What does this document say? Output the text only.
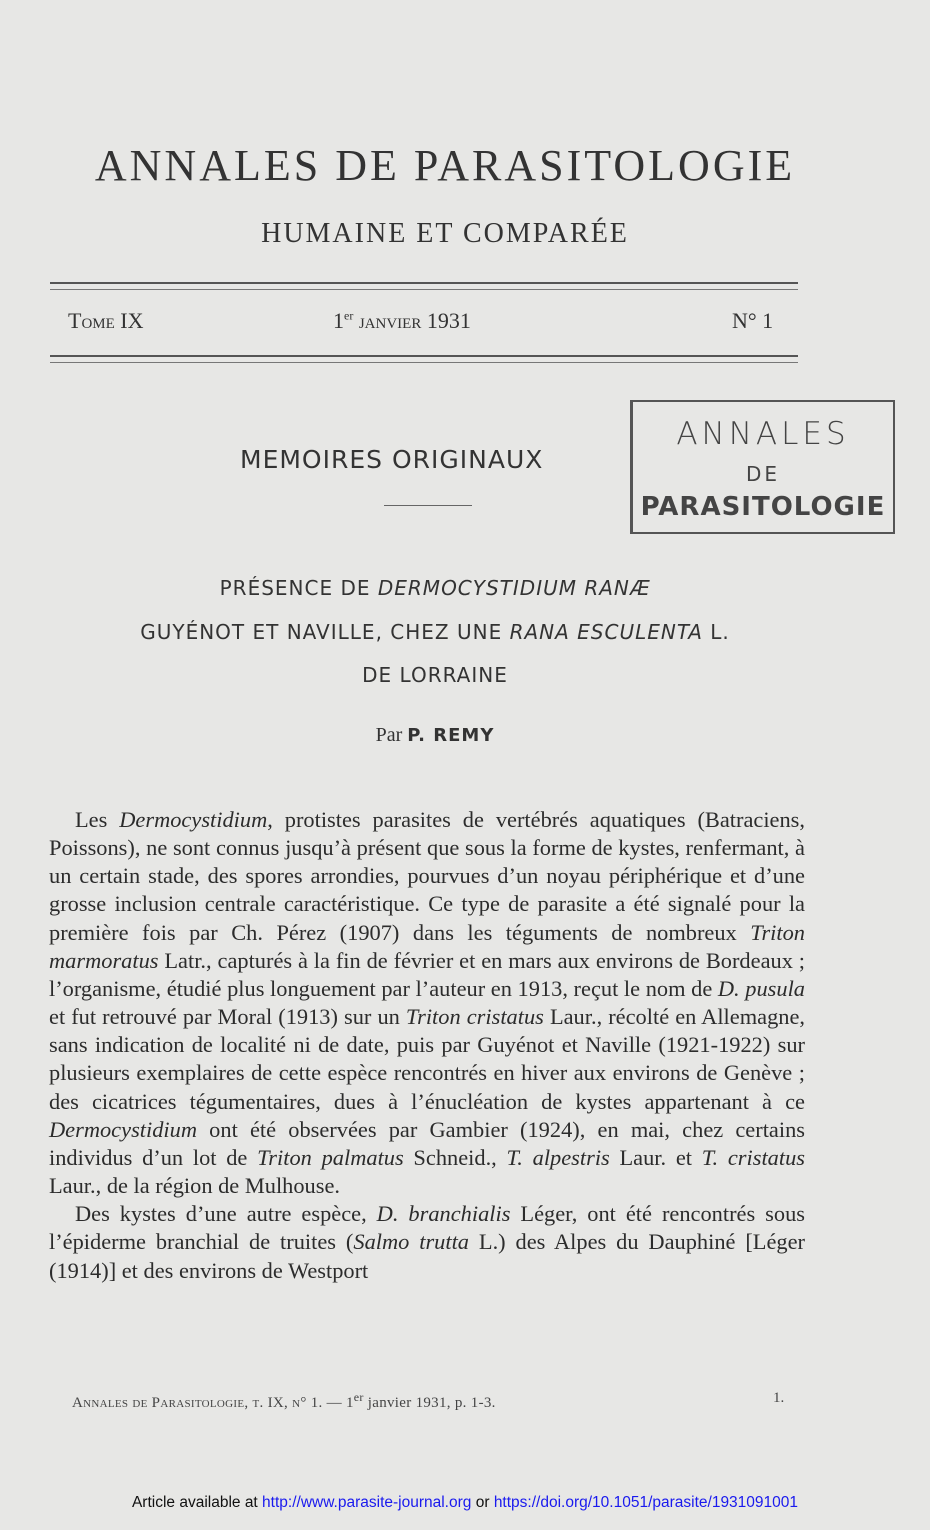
ANNALES DE PARASITOLOGIE
HUMAINE ET COMPARÉE
Tome IX	1er janvier 1931	N° 1
MEMOIRES ORIGINAUX
ANNALES
DE
PARASITOLOGIE
PRÉSENCE DE DERMOCYSTIDIUM RANÆ
GUYÉNOT ET NAVILLE, CHEZ UNE RANA ESCULENTA L.
DE LORRAINE
Par P. REMY

Les Dermocystidium, protistes parasites de vertébrés aquatiques (Batraciens, Poissons), ne sont connus jusqu’à présent que sous la forme de kystes, renfermant, à un certain stade, des spores arrondies, pourvues d’un noyau périphérique et d’une grosse inclusion centrale caractéristique. Ce type de parasite a été signalé pour la première fois par Ch. Pérez (1907) dans les téguments de nombreux Triton marmoratus Latr., capturés à la fin de février et en mars aux environs de Bordeaux ; l’organisme, étudié plus longuement par l’auteur en 1913, reçut le nom de D. pusula et fut retrouvé par Moral (1913) sur un Triton cristatus Laur., récolté en Allemagne, sans indication de localité ni de date, puis par Guyénot et Naville (1921-1922) sur plusieurs exemplaires de cette espèce rencontrés en hiver aux environs de Genève ; des cicatrices tégumentaires, dues à l’énucléation de kystes appartenant à ce Dermocystidium ont été observées par Gambier (1924), en mai, chez certains individus d’un lot de Triton palmatus Schneid., T. alpestris Laur. et T. cristatus Laur., de la région de Mulhouse.

Des kystes d’une autre espèce, D. branchialis Léger, ont été rencontrés sous l’épiderme branchial de truites (Salmo trutta L.) des Alpes du Dauphiné [Léger (1914)] et des environs de Westport

Annales de Parasitologie, t. IX, n° 1. — 1er janvier 1931, p. 1-3.	1.
Article available at http://www.parasite-journal.org or https://doi.org/10.1051/parasite/1931091001
